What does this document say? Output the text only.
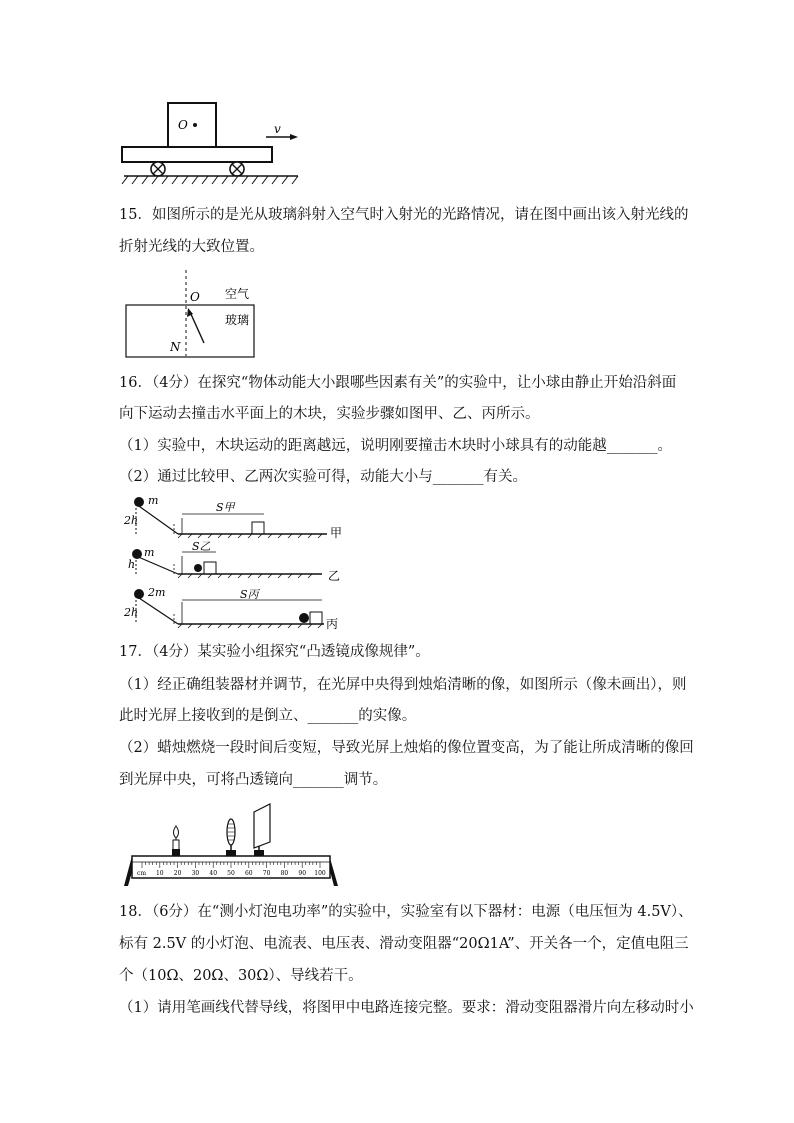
O	v
15．如图所示的是光从玻璃斜射入空气时入射光的光路情况，请在图中画出该入射光线的
折射光线的大致位置。
O
N
空气
玻璃
16．（4分）在探究“物体动能大小跟哪些因素有关”的实验中，让小球由静止开始沿斜面
向下运动去撞击水平面上的木块，实验步骤如图甲、乙、丙所示。
（1）实验中，木块运动的距离越远，说明刚要撞击木块时小球具有的动能越_______。
（2）通过比较甲、乙两次实验可得，动能大小与_______有关。
m
2h
S甲
甲
m
h
S乙
乙
2m
2h
S丙
丙
17．（4分）某实验小组探究“凸透镜成像规律”。
（1）经正确组装器材并调节，在光屏中央得到烛焰清晰的像，如图所示（像未画出），则
此时光屏上接收到的是倒立、_______的实像。
（2）蜡烛燃烧一段时间后变短，导致光屏上烛焰的像位置变高，为了能让所成清晰的像回
到光屏中央，可将凸透镜向_______调节。
10 20 30 40 50 60 70 80 90 100
cm
18．（6分）在“测小灯泡电功率”的实验中，实验室有以下器材：电源（电压恒为 4.5V）、
标有 2.5V 的小灯泡、电流表、电压表、滑动变阻器“20Ω1A”、开关各一个，定值电阻三
个（10Ω、20Ω、30Ω）、导线若干。
（1）请用笔画线代替导线，将图甲中电路连接完整。要求：滑动变阻器滑片向左移动时小
